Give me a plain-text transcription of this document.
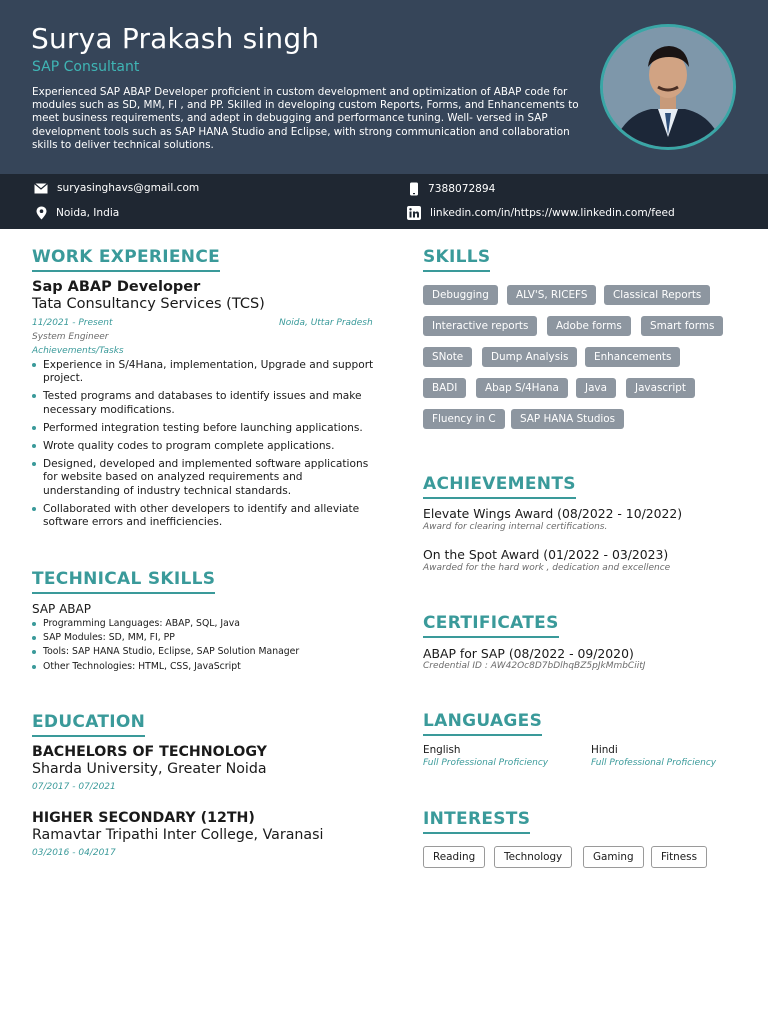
Surya Prakash singh
SAP Consultant
Experienced SAP ABAP Developer proficient in custom development and optimization of ABAP code for modules such as SD, MM, FI , and PP. Skilled in developing custom Reports, Forms, and Enhancements to meet business requirements, and adept in debugging and performance tuning. Well- versed in SAP development tools such as SAP HANA Studio and Eclipse, with strong communication and collaboration skills to deliver technical solutions.
suryasinghavs@gmail.com	7388072894
Noida, India	linkedin.com/in/https://www.linkedin.com/feed
WORK EXPERIENCE
Sap ABAP Developer
Tata Consultancy Services (TCS)
11/2021 - Present	Noida, Uttar Pradesh
System Engineer
Achievements/Tasks
Experience in S/4Hana, implementation, Upgrade and support project.
Tested programs and databases to identify issues and make necessary modifications.
Performed integration testing before launching applications.
Wrote quality codes to program complete applications.
Designed, developed and implemented software applications for website based on analyzed requirements and understanding of industry technical standards.
Collaborated with other developers to identify and alleviate software errors and inefficiencies.
TECHNICAL SKILLS
SAP ABAP
Programming Languages: ABAP, SQL, Java
SAP Modules: SD, MM, FI, PP
Tools: SAP HANA Studio, Eclipse, SAP Solution Manager
Other Technologies: HTML, CSS, JavaScript
EDUCATION
BACHELORS OF TECHNOLOGY
Sharda University, Greater Noida
07/2017 - 07/2021
HIGHER SECONDARY (12TH)
Ramavtar Tripathi Inter College, Varanasi
03/2016 - 04/2017
SKILLS
Debugging	ALV'S, RICEFS	Classical Reports
Interactive reports	Adobe forms	Smart forms
SNote	Dump Analysis	Enhancements
BADI	Abap S/4Hana	Java	Javascript
Fluency in C	SAP HANA Studios
ACHIEVEMENTS
Elevate Wings Award (08/2022 - 10/2022)
Award for clearing internal certifications.
On the Spot Award (01/2022 - 03/2023)
Awarded for the hard work , dedication and excellence
CERTIFICATES
ABAP for SAP (08/2022 - 09/2020)
Credential ID : AW42Oc8D7bDlhqBZ5pJkMmbCiitJ
LANGUAGES
English
Full Professional Proficiency
Hindi
Full Professional Proficiency
INTERESTS
Reading	Technology	Gaming	Fitness
